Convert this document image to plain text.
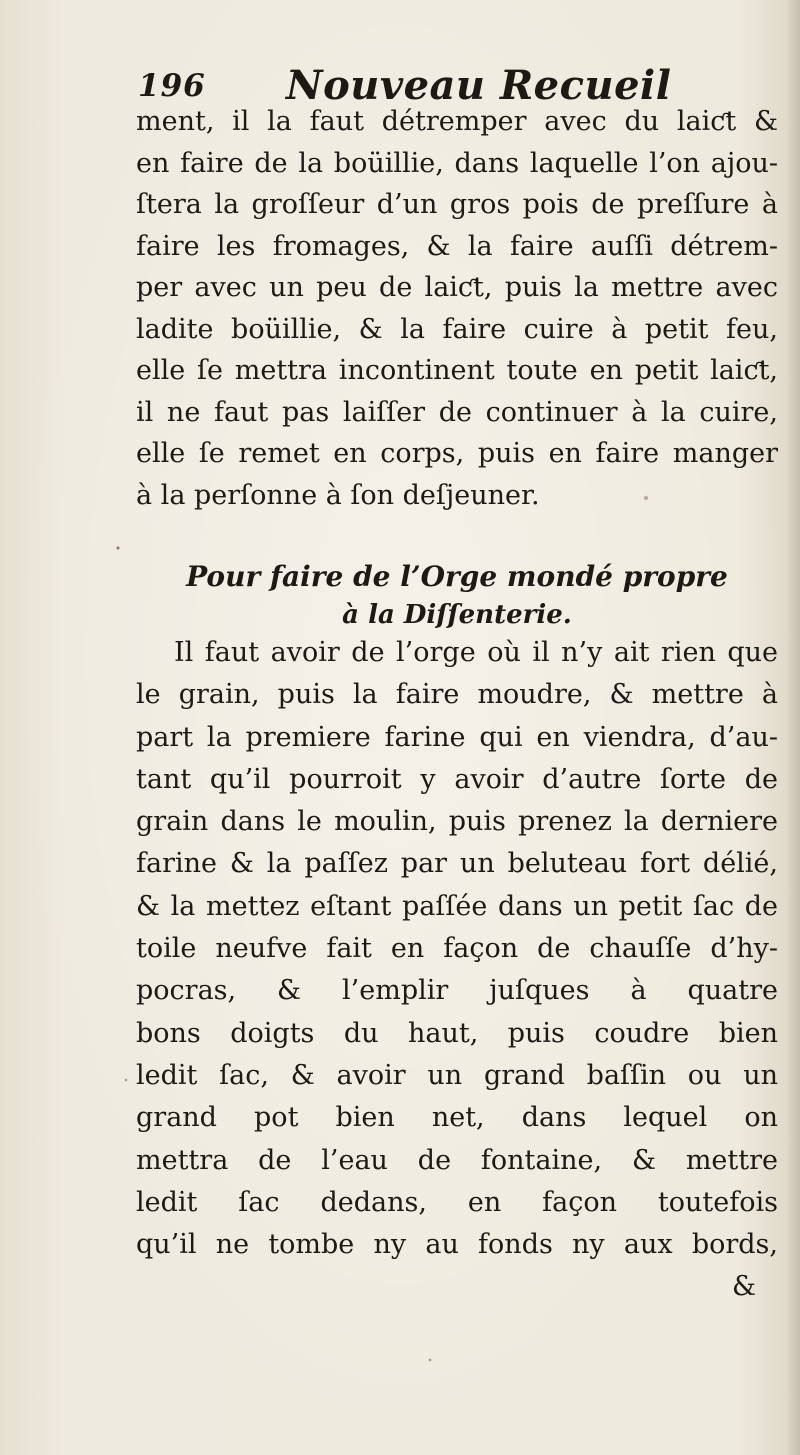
196 Nouveau Recueil
ment, il la faut détremper avec du laiƈt &
en faire de la boüillie, dans laquelle l’on ajou-
ſtera la groſſeur d’un gros pois de preſſure à
faire les fromages, & la faire auſſi détrem-
per avec un peu de laiƈt, puis la mettre avec
ladite boüillie, & la faire cuire à petit feu,
elle ſe mettra incontinent toute en petit laiƈt,
il ne faut pas laiſſer de continuer à la cuire,
elle ſe remet en corps, puis en faire manger
à la perſonne à ſon deſjeuner.
Pour faire de l’Orge mondé propre
à la Diſſenterie.
Il faut avoir de l’orge où il n’y ait rien que
le grain, puis la faire moudre, & mettre à
part la premiere farine qui en viendra, d’au-
tant qu’il pourroit y avoir d’autre ſorte de
grain dans le moulin, puis prenez la derniere
farine & la paſſez par un beluteau fort délié,
& la mettez eſtant paſſée dans un petit ſac de
toile neufve fait en façon de chauſſe d’hy-
pocras, & l’emplir juſques à quatre
bons doigts du haut, puis coudre bien
ledit ſac, & avoir un grand baſſin ou un
grand pot bien net, dans lequel on
mettra de l’eau de fontaine, & mettre
ledit ſac dedans, en façon toutefois
qu’il ne tombe ny au fonds ny aux bords,
&
